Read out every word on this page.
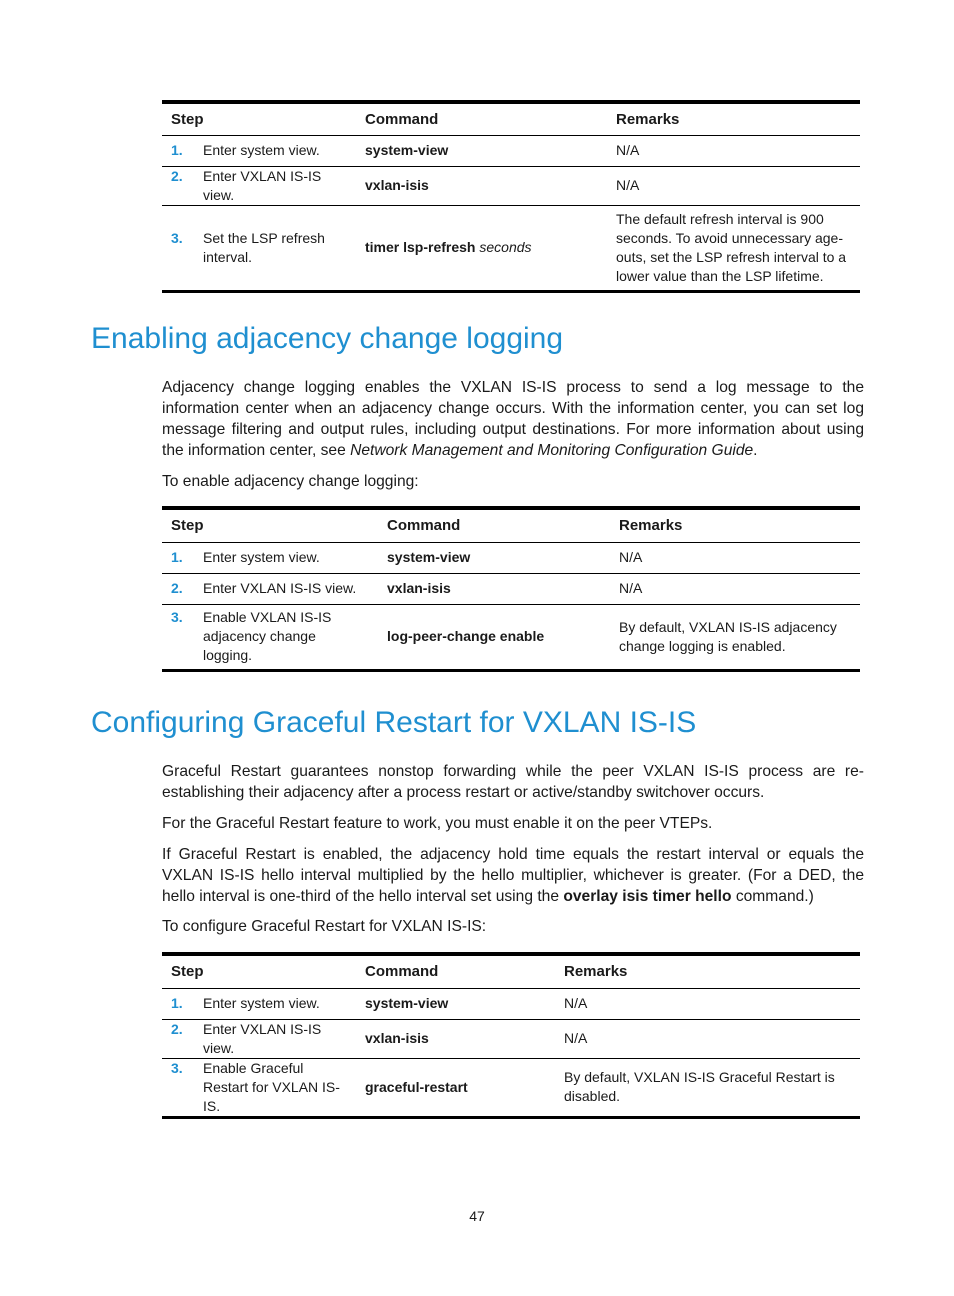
Step	Command	Remarks

1. Enter system view.	system-view	N/A

2. Enter VXLAN IS-IS view.	vxlan-isis	N/A

3. Set the LSP refresh interval.	timer lsp-refresh seconds	The default refresh interval is 900 seconds. To avoid unnecessary age-outs, set the LSP refresh interval to a lower value than the LSP lifetime.
Enabling adjacency change logging

Adjacency change logging enables the VXLAN IS-IS process to send a log message to the information center when an adjacency change occurs. With the information center, you can set log message filtering and output rules, including output destinations. For more information about using the information center, see Network Management and Monitoring Configuration Guide.

To enable adjacency change logging:

Step	Command	Remarks

1. Enter system view.	system-view	N/A

2. Enter VXLAN IS-IS view.	vxlan-isis	N/A

3. Enable VXLAN IS-IS adjacency change logging.	log-peer-change enable	By default, VXLAN IS-IS adjacency change logging is enabled.
Configuring Graceful Restart for VXLAN IS-IS

Graceful Restart guarantees nonstop forwarding while the peer VXLAN IS-IS process are re-establishing their adjacency after a process restart or active/standby switchover occurs.

For the Graceful Restart feature to work, you must enable it on the peer VTEPs.

If Graceful Restart is enabled, the adjacency hold time equals the restart interval or equals the VXLAN IS-IS hello interval multiplied by the hello multiplier, whichever is greater. (For a DED, the hello interval is one-third of the hello interval set using the overlay isis timer hello command.)

To configure Graceful Restart for VXLAN IS-IS:

Step	Command	Remarks

1. Enter system view.	system-view	N/A

2. Enter VXLAN IS-IS view.	vxlan-isis	N/A

3. Enable Graceful Restart for VXLAN IS-IS.	graceful-restart	By default, VXLAN IS-IS Graceful Restart is disabled.
47
